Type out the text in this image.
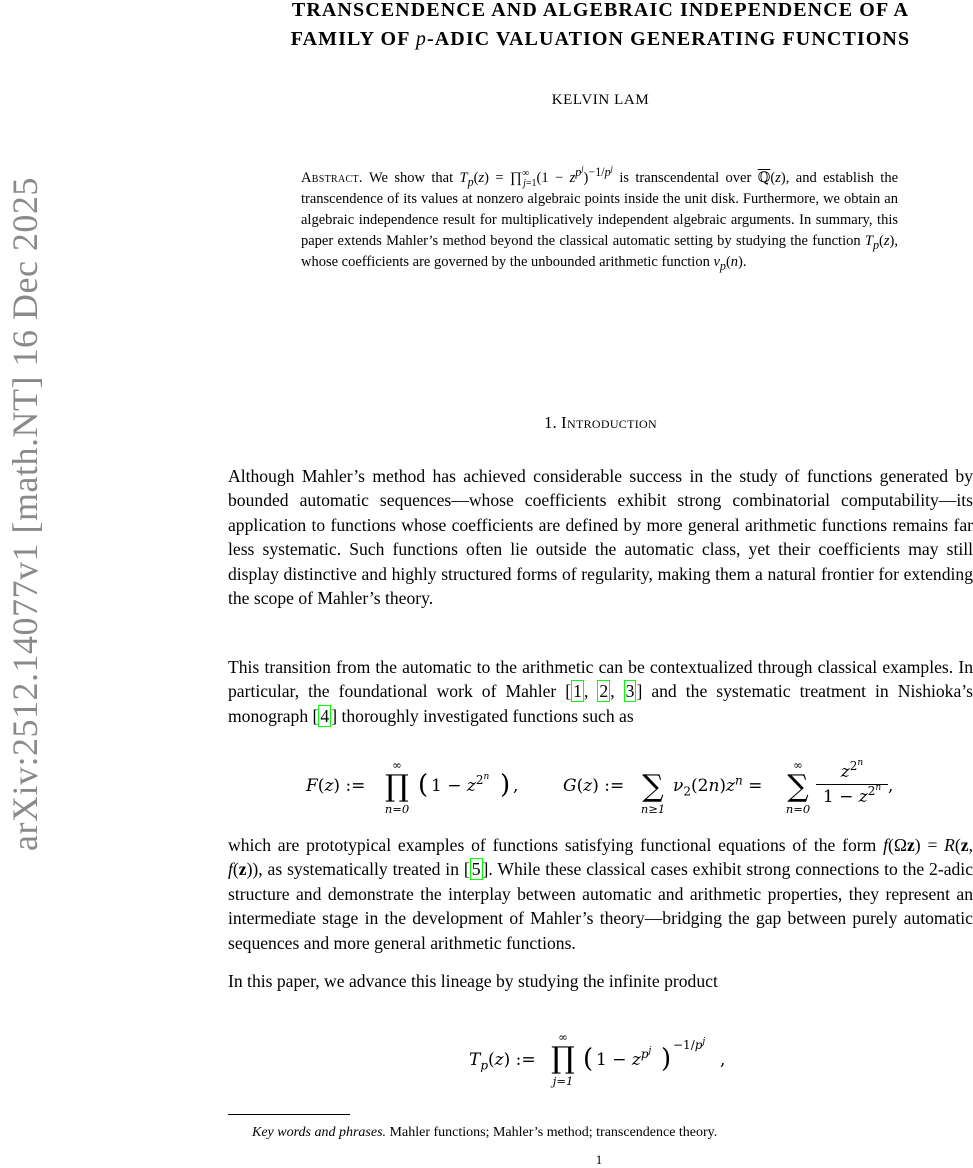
arXiv:2512.14077v1 [math.NT] 16 Dec 2025
TRANSCENDENCE AND ALGEBRAIC INDEPENDENCE OF A
FAMILY OF p-ADIC VALUATION GENERATING FUNCTIONS
KELVIN LAM
Abstract. We show that $T_p(z)$ = $\prod^\infty_{j=1}(1 - z^{p^j})^{-1/p^j}$ is transcendental over ℚ(z), and establish the transcendence of its values at nonzero algebraic points inside the unit disk. Furthermore, we obtain an algebraic independence result for multiplicatively independent algebraic arguments. In summary, this paper extends Mahler’s method beyond the classical automatic setting by studying the function $T_p(z)$, whose coefficients are governed by the unbounded arithmetic function $\nu_p(n)$.
1. Introduction
Although Mahler’s method has achieved considerable success in the study of functions generated by bounded automatic sequences—whose coefficients exhibit strong combinatorial computability—its application to functions whose coefficients are defined by more general arithmetic functions remains far less systematic. Such functions often lie outside the automatic class, yet their coefficients may still display distinctive and highly structured forms of regularity, making them a natural frontier for extending the scope of Mahler’s theory.
This transition from the automatic to the arithmetic can be contextualized through classical examples. In particular, the foundational work of Mahler [ 1 , 2 , 3 ] and the systematic treatment in Nishioka’s monograph [ 4 ] thoroughly investigated functions such as
F(z) :=
∞
∏
n=0
( $1 - z^{2^n}$ ) ,	G(z) :=
∑
n≥1
$\nu_2(2n)z^n$ =
∞
∑
n=0
$z^{2^n}$
$1 - z^{2^n}$ ,
which are prototypical examples of functions satisfying functional equations of the form f(Ωz) = R(z, f(z)), as systematically treated in [ 5 ]. While these classical cases exhibit strong connections to the 2-adic structure and demonstrate the interplay between automatic and arithmetic properties, they represent an intermediate stage in the development of Mahler’s theory—bridging the gap between purely automatic sequences and more general arithmetic functions.
In this paper, we advance this lineage by studying the infinite product
$T_p(z)$ :=
∞
∏
j=1
( $1 - z^{p^j}$ ) $-1/p^j$
,
Key words and phrases. Mahler functions; Mahler’s method; transcendence theory.
1
